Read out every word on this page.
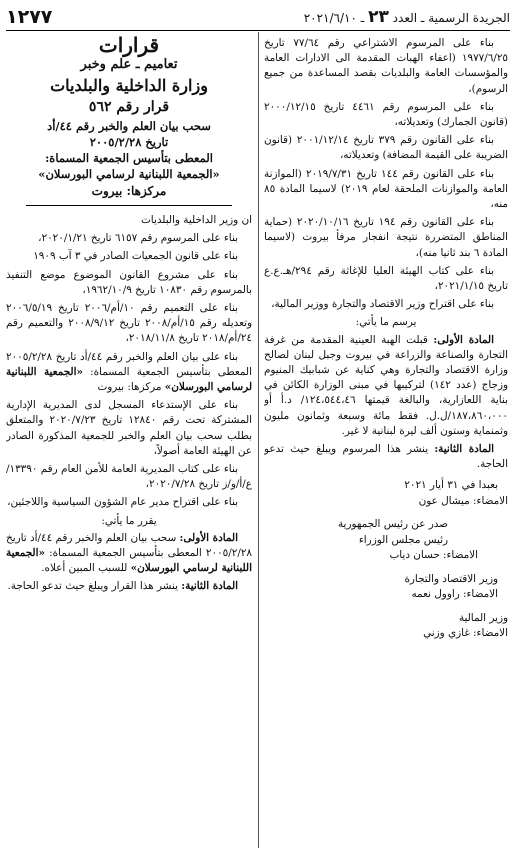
الجريدة الرسمية ـ العدد ٢٣ ـ ٢٠٢١/٦/١٠
١٢٧٧

بناء على المرسوم الاشتراعي رقم ٧٧/٦٤ تاريخ ١٩٧٧/٦/٢٥ (اعفاء الهبات المقدمة الى الادارات العامة والمؤسسات العامة والبلديات بقصد المساعدة من جميع الرسوم)،

بناء على المرسوم رقم ٤٤٦١ تاريخ ٢٠٠٠/١٢/١٥ (قانون الجمارك) وتعديلاته،

بناء على القانون رقم ٣٧٩ تاريخ ٢٠٠١/١٢/١٤ (قانون الضريبة على القيمة المضافة) وتعديلاته،

بناء على القانون رقم ١٤٤ تاريخ ٢٠١٩/٧/٣١ (الموازنة العامة والموازنات الملحقة لعام ٢٠١٩) لاسيما المادة ٨٥ منه،

بناء على القانون رقم ١٩٤ تاريخ ٢٠٢٠/١٠/١٦ (حماية المناطق المتضررة نتيجة انفجار مرفأ بيروت (لاسيما المادة ٦ بند ثانيا منه)،

بناء على كتاب الهيئة العليا للإغاثة رقم ٢٩٤/هـ.ع.ع تاريخ ٢٠٢١/١/١٥،

بناء على اقتراح وزير الاقتصاد والتجارة ووزير المالية،

يرسم ما يأتي:

المادة الأولى: قبلت الهبة العينية المقدمة من غرفة التجارة والصناعة والزراعة في بيروت وجبل لبنان لصالح وزارة الاقتصاد والتجارة وهي كناية عن شبابيك المنيوم وزجاج (عدد ١٤٢) لتركيبها في مبنى الوزارة الكائن في بناية اللعازارية، والبالغة قيمتها ١٢٤،٥٤٤،٤٦/ د.أ أو ١٨٧،٨٦٠،٠٠٠/ل.ل. فقط مائة وسبعة وثمانون مليون وثمنماية وستون ألف ليرة لبنانية لا غير.

المادة الثانية: ينشر هذا المرسوم ويبلغ حيث تدعو الحاجة.

بعبدا في ٣١ أيار ٢٠٢١

الامضاء: ميشال عون

صدر عن رئيس الجمهورية

رئيس مجلس الوزراء

الامضاء: حسان دياب

وزير الاقتصاد والتجارة

الامضاء: راوول نعمه

وزير المالية

الامضاء: غازي وزني

قرارات
تعاميم ـ علم وخبر
وزارة الداخلية والبلديات
قرار رقم ٥٦٢

سحب بيان العلم والخبر رقم ٤٤/أد

تاريخ ٢٠٠٥/٢/٢٨

المعطى بتأسيس الجمعية المسماة:

«الجمعية اللبنانية لرسامي البورسلان»

مركزها: بيروت

ان وزير الداخلية والبلديات

بناء على المرسوم رقم ٦١٥٧ تاريخ ٢٠٢٠/١/٢١،

بناء على قانون الجمعيات الصادر في ٣ آب ١٩٠٩

بناء على مشروع القانون الموضوع موضع التنفيذ بالمرسوم رقم ١٠٨٣٠ تاريخ ١٩٦٢/١٠/٩،

بناء على التعميم رقم ١٠/أم/٢٠٠٦ تاريخ ٢٠٠٦/٥/١٩ وتعديله رقم ١٥/أم/٢٠٠٨ تاريخ ٢٠٠٨/٩/١٢ والتعميم رقم ٢٤/أم/٢٠١٨ تاريخ ٢٠١٨/١١/٨،

بناء على بيان العلم والخبر رقم ٤٤/أد تاريخ ٢٠٠٥/٢/٢٨ المعطى بتأسيس الجمعية المسماة: «الجمعية اللبنانية لرسامي البورسلان» مركزها: بيروت

بناء على الإستدعاء المسجل لدى المديرية الإدارية المشتركة تحت رقم ١٢٨٤٠ تاريخ ٢٠٢٠/٧/٢٣ والمتعلق بطلب سحب بيان العلم والخبر للجمعية المذكورة الصادر عن الهيئة العامة أصولاً،

بناء على كتاب المديرية العامة للأمن العام رقم ١٣٣٩٠/ع/أ/و/ز تاريخ ٢٠٢٠/٧/٢٨،

بناء على اقتراح مدير عام الشؤون السياسية واللاجئين،

يقرر ما يأتي:

المادة الأولى: سحب بيان العلم والخبر رقم ٤٤/أد تاريخ ٢٠٠٥/٢/٢٨ المعطى بتأسيس الجمعية المسماة: «الجمعية اللبنانية لرسامي البورسلان» للسبب المبين أعلاه.

المادة الثانية: ينشر هذا القرار ويبلغ حيث تدعو الحاجة.
